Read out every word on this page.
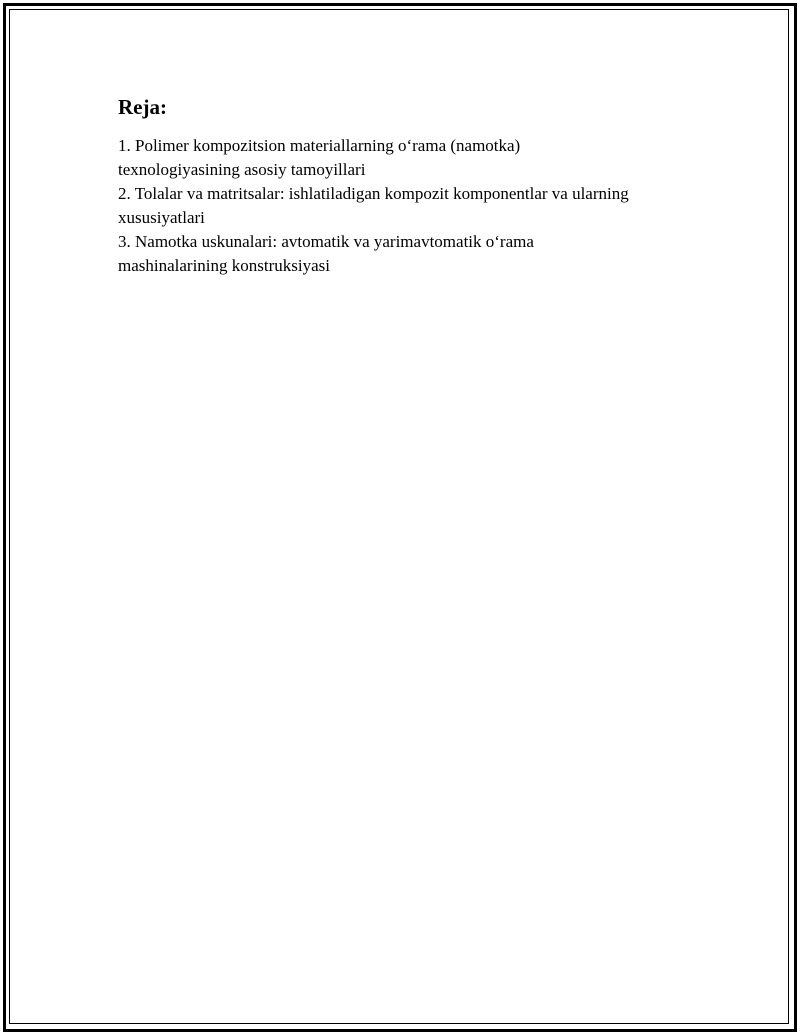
Reja:
1. Polimer kompozitsion materiallarning o‘rama (namotka)
texnologiyasining asosiy tamoyillari
2. Tolalar va matritsalar: ishlatiladigan kompozit komponentlar va ularning
xususiyatlari
3. Namotka uskunalari: avtomatik va yarimavtomatik o‘rama
mashinalarining konstruksiyasi
